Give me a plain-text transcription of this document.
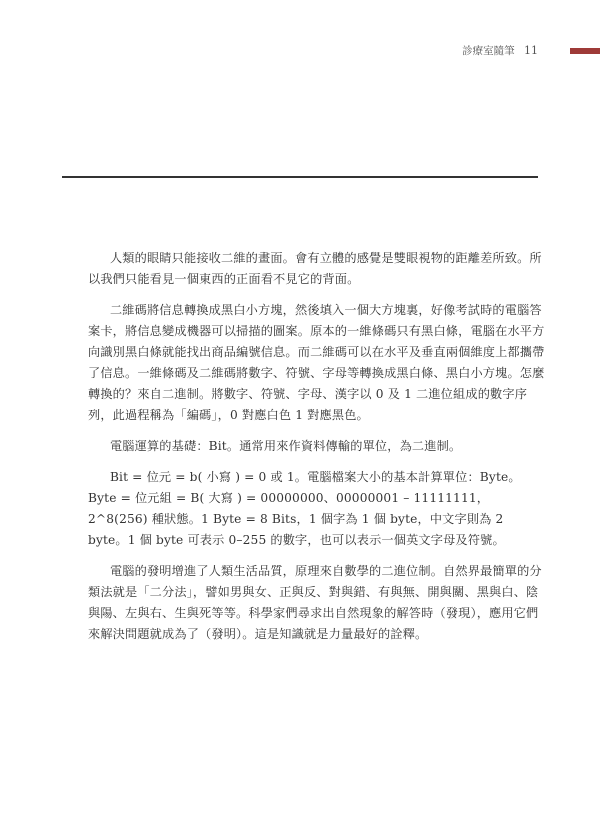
診療室隨筆 11

人類的眼睛只能接收二維的畫面。會有立體的感覺是雙眼視物的距離差所致。所以我們只能看見一個東西的正面看不見它的背面。

二維碼將信息轉換成黑白小方塊，然後填入一個大方塊裏，好像考試時的電腦答案卡，將信息變成機器可以掃描的圖案。原本的一維條碼只有黑白條，電腦在水平方向識別黑白條就能找出商品編號信息。而二維碼可以在水平及垂直兩個維度上都攜帶了信息。一維條碼及二維碼將數字、符號、字母等轉換成黑白條、黑白小方塊。怎麼轉換的？來自二進制。將數字、符號、字母、漢字以 0 及 1 二進位組成的數字序列，此過程稱為「編碼」，0 對應白色 1 對應黑色。

電腦運算的基礎：Bit。通常用來作資料傳輸的單位，為二進制。

Bit = 位元 = b( 小寫 ) = 0 或 1。電腦檔案大小的基本計算單位：Byte。Byte = 位元組 = B( 大寫 ) = 00000000、00000001 – 11111111，2^8(256) 種狀態。1 Byte = 8 Bits，1 個字為 1 個 byte，中文字則為 2 byte。1 個 byte 可表示 0–255 的數字，也可以表示一個英文字母及符號。

電腦的發明增進了人類生活品質，原理來自數學的二進位制。自然界最簡單的分類法就是「二分法」，譬如男與女、正與反、對與錯、有與無、開與關、黑與白、陰與陽、左與右、生與死等等。科學家們尋求出自然現象的解答時（發現），應用它們來解決問題就成為了（發明）。這是知識就是力量最好的詮釋。
